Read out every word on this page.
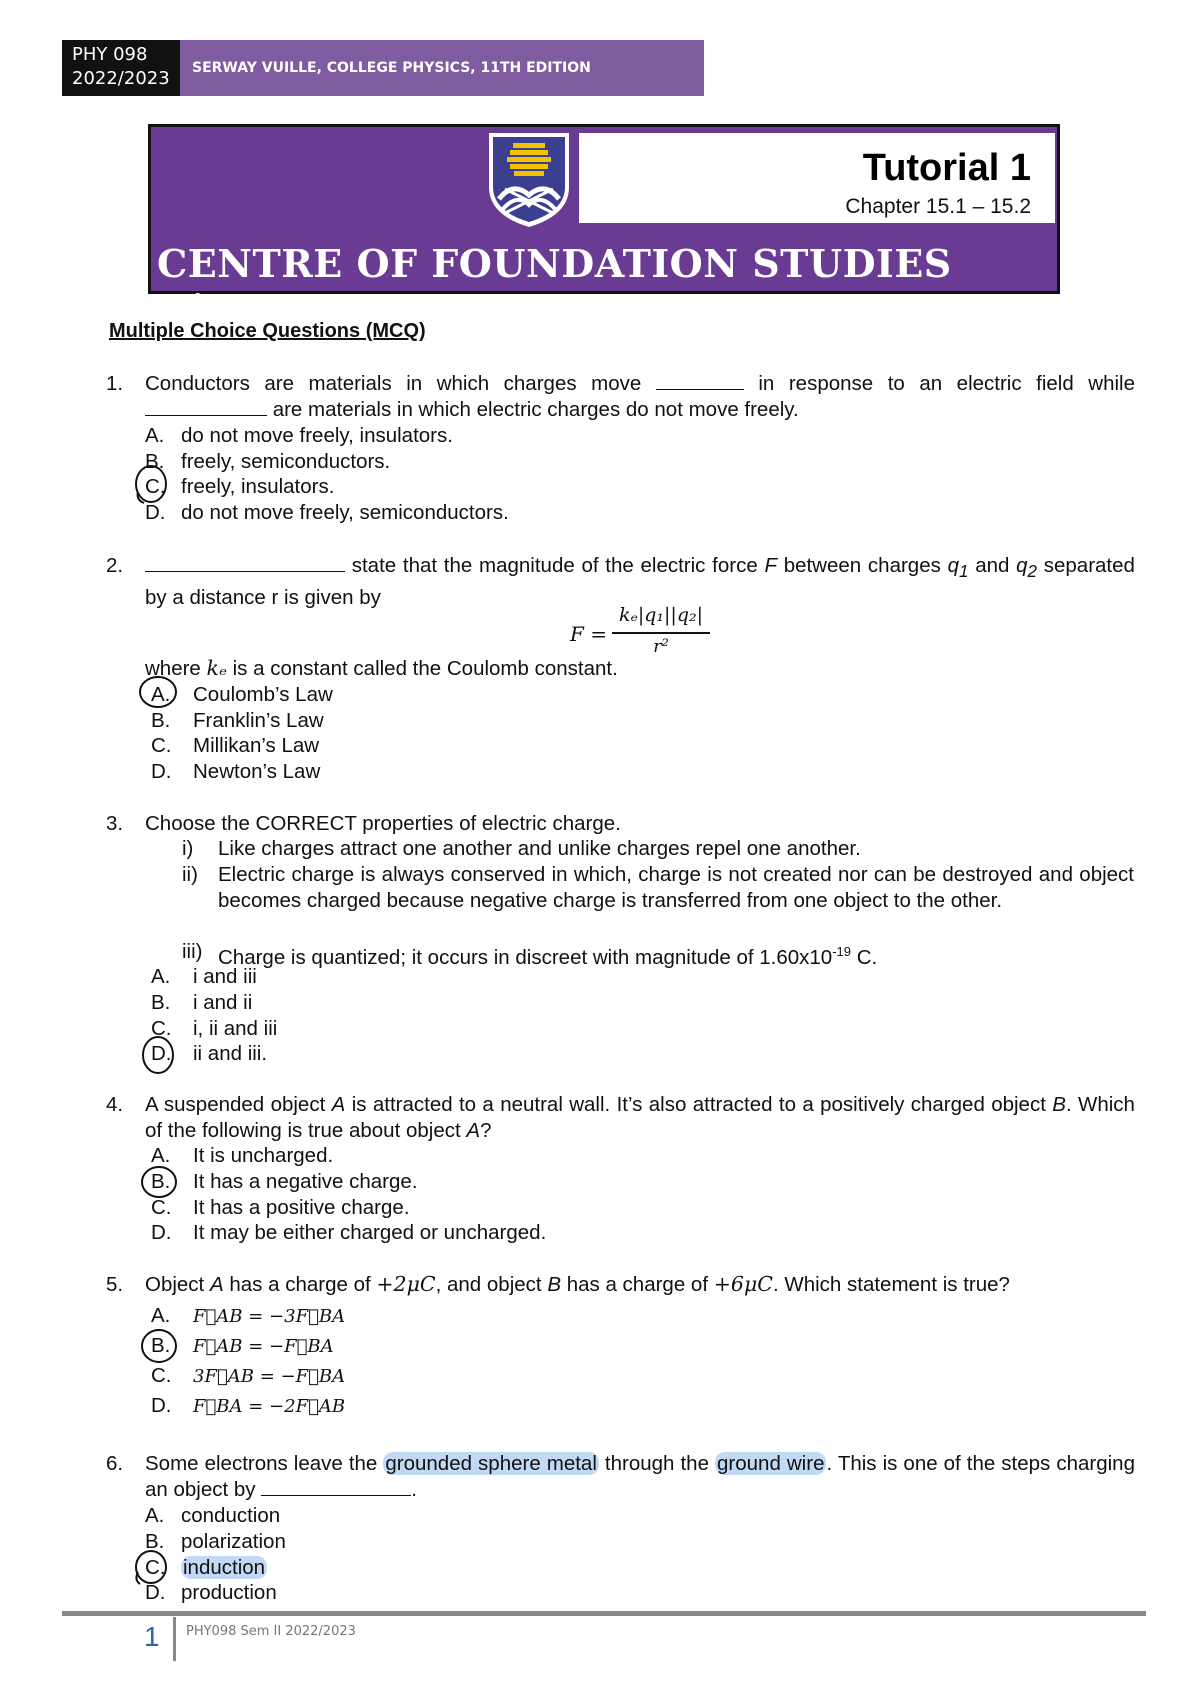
PHY 098
2022/2023	SERWAY VUILLE, COLLEGE PHYSICS, 11TH EDITION
Tutorial 1
Chapter 15.1 – 15.2
CENTRE OF FOUNDATION STUDIES UiTM
Multiple Choice Questions (MCQ)
1. Conductors are materials in which charges move	in response to an electric field while  are materials in which electric charges do not move freely.
A. do not move freely, insulators.
B. freely, semiconductors.
C. freely, insulators.
D. do not move freely, semiconductors.
2.	state that the magnitude of the electric force F between charges $q_1$ and $q_2$ separated by a distance r is given by
F =
kₑ|q₁||q₂|
r²
where kₑ is a constant called the Coulomb constant.
A. Coulomb’s Law
B. Franklin’s Law
C. Millikan’s Law
D. Newton’s Law
3. Choose the CORRECT properties of electric charge.
i) Like charges attract one another and unlike charges repel one another.
ii) Electric charge is always conserved in which, charge is not created nor can be destroyed and object becomes charged because negative charge is transferred from one object to the other.
iii) Charge is quantized; it occurs in discreet with magnitude of $1.60x10^{-19}$ C.
A. i and iii
B. i and ii
C. i, ii and iii
D. ii and iii.
4. A suspended object A is attracted to a neutral wall. It’s also attracted to a positively charged object B. Which of the following is true about object A?
A. It is uncharged.
B. It has a negative charge.
C. It has a positive charge.
D. It may be either charged or uncharged.
5. Object A has a charge of +2μC, and object B has a charge of +6μC. Which statement is true?
A. F⃗AB = −3F⃗BA
B. F⃗AB = −F⃗BA
C. 3F⃗AB = −F⃗BA
D. F⃗BA = −2F⃗AB
6. Some electrons leave the grounded sphere metal through the ground wire. This is one of the steps charging an object by	.
A. conduction
B. polarization
C. induction
D. production
1 PHY098 Sem II 2022/2023
